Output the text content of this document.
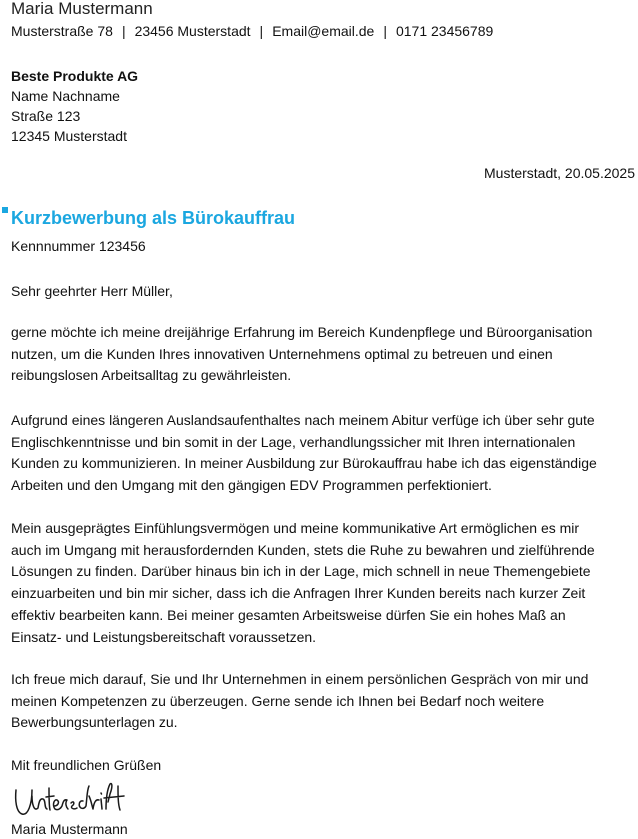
Maria Mustermann
Musterstraße 78 | 23456 Musterstadt | Email@email.de | 0171 23456789
Beste Produkte AG
Name Nachname
Straße 123
12345 Musterstadt
Musterstadt, 20.05.2025
Kurzbewerbung als Bürokauffrau
Kennnummer 123456
Sehr geehrter Herr Müller,
gerne möchte ich meine dreijährige Erfahrung im Bereich Kundenpflege und Büroorganisation
nutzen, um die Kunden Ihres innovativen Unternehmens optimal zu betreuen und einen
reibungslosen Arbeitsalltag zu gewährleisten.
Aufgrund eines längeren Auslandsaufenthaltes nach meinem Abitur verfüge ich über sehr gute
Englischkenntnisse und bin somit in der Lage, verhandlungssicher mit Ihren internationalen
Kunden zu kommunizieren. In meiner Ausbildung zur Bürokauffrau habe ich das eigenständige
Arbeiten und den Umgang mit den gängigen EDV Programmen perfektioniert.
Mein ausgeprägtes Einfühlungsvermögen und meine kommunikative Art ermöglichen es mir
auch im Umgang mit herausfordernden Kunden, stets die Ruhe zu bewahren und zielführende
Lösungen zu finden. Darüber hinaus bin ich in der Lage, mich schnell in neue Themengebiete
einzuarbeiten und bin mir sicher, dass ich die Anfragen Ihrer Kunden bereits nach kurzer Zeit
effektiv bearbeiten kann. Bei meiner gesamten Arbeitsweise dürfen Sie ein hohes Maß an
Einsatz- und Leistungsbereitschaft voraussetzen.
Ich freue mich darauf, Sie und Ihr Unternehmen in einem persönlichen Gespräch von mir und
meinen Kompetenzen zu überzeugen. Gerne sende ich Ihnen bei Bedarf noch weitere
Bewerbungsunterlagen zu.
Mit freundlichen Grüßen
Maria Mustermann
